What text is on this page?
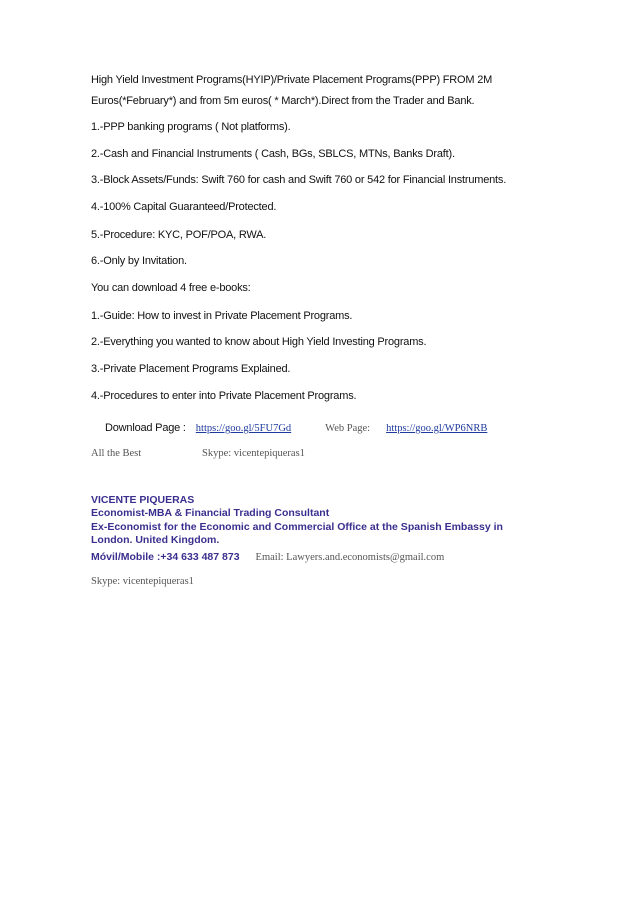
High Yield Investment Programs(HYIP)/Private Placement Programs(PPP) FROM 2M
Euros(*February*) and from 5m euros( * March*).Direct from the Trader and Bank.
1.-PPP banking programs ( Not platforms).
2.-Cash and Financial Instruments ( Cash, BGs, SBLCS, MTNs, Banks Draft).
3.-Block Assets/Funds: Swift 760 for cash and Swift 760 or 542 for Financial Instruments.
4.-100% Capital Guaranteed/Protected.
5.-Procedure: KYC, POF/POA, RWA.
6.-Only by Invitation.
You can download 4 free e-books:
1.-Guide: How to invest in Private Placement Programs.
2.-Everything you wanted to know about High Yield Investing Programs.
3.-Private Placement Programs Explained.
4.-Procedures to enter into Private Placement Programs.
Download Page : https://goo.gl/5FU7Gd	Web Page: https://goo.gl/WP6NRB
All the Best	Skype: vicentepiqueras1
VICENTE PIQUERAS
Economist-MBA & Financial Trading Consultant
Ex-Economist for the Economic and Commercial Office at the Spanish Embassy in
London. United Kingdom.
Móvil/Mobile :+34 633 487 873 Email: Lawyers.and.economists@gmail.com
Skype: vicentepiqueras1
